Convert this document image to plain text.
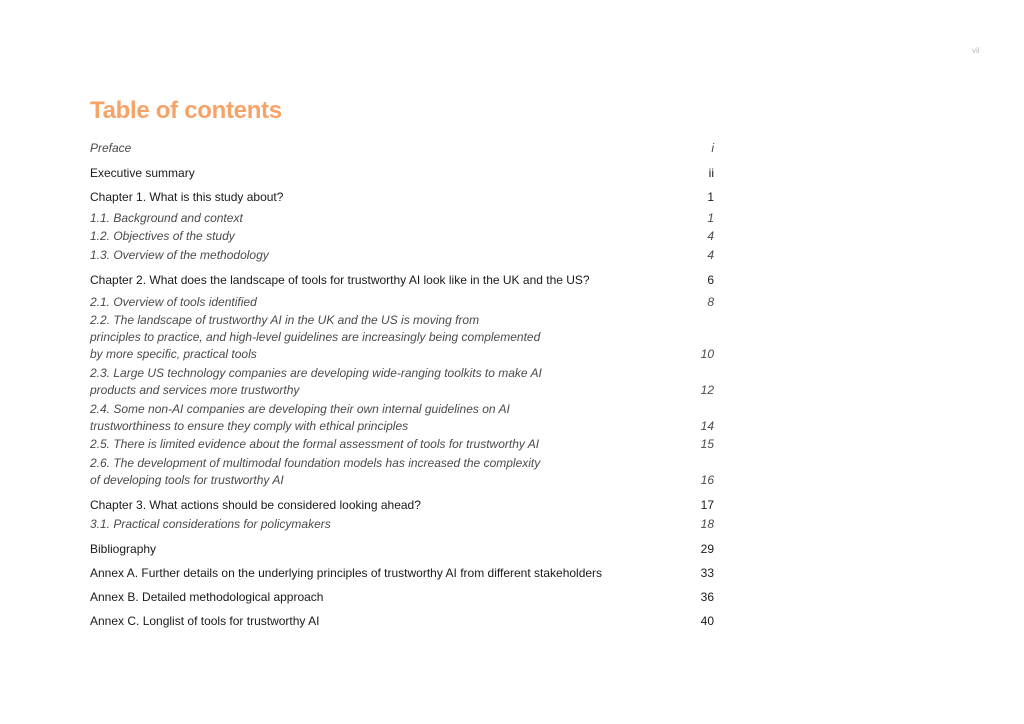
vii
Table of contents
Preface	i
Executive summary	ii
Chapter 1. What is this study about?	1
1.1. Background and context	1
1.2. Objectives of the study	4
1.3. Overview of the methodology	4
Chapter 2. What does the landscape of tools for trustworthy AI look like in the UK and the US?	6
2.1. Overview of tools identified	8
2.2. The landscape of trustworthy AI in the UK and the US is moving from
principles to practice, and high-level guidelines are increasingly being complemented
by more specific, practical tools	10
2.3. Large US technology companies are developing wide-ranging toolkits to make AI
products and services more trustworthy	12
2.4. Some non-AI companies are developing their own internal guidelines on AI
trustworthiness to ensure they comply with ethical principles	14
2.5. There is limited evidence about the formal assessment of tools for trustworthy AI	15
2.6. The development of multimodal foundation models has increased the complexity
of developing tools for trustworthy AI	16
Chapter 3. What actions should be considered looking ahead?	17
3.1. Practical considerations for policymakers	18
Bibliography	29
Annex A. Further details on the underlying principles of trustworthy AI from different stakeholders	33
Annex B. Detailed methodological approach	36
Annex C. Longlist of tools for trustworthy AI	40
